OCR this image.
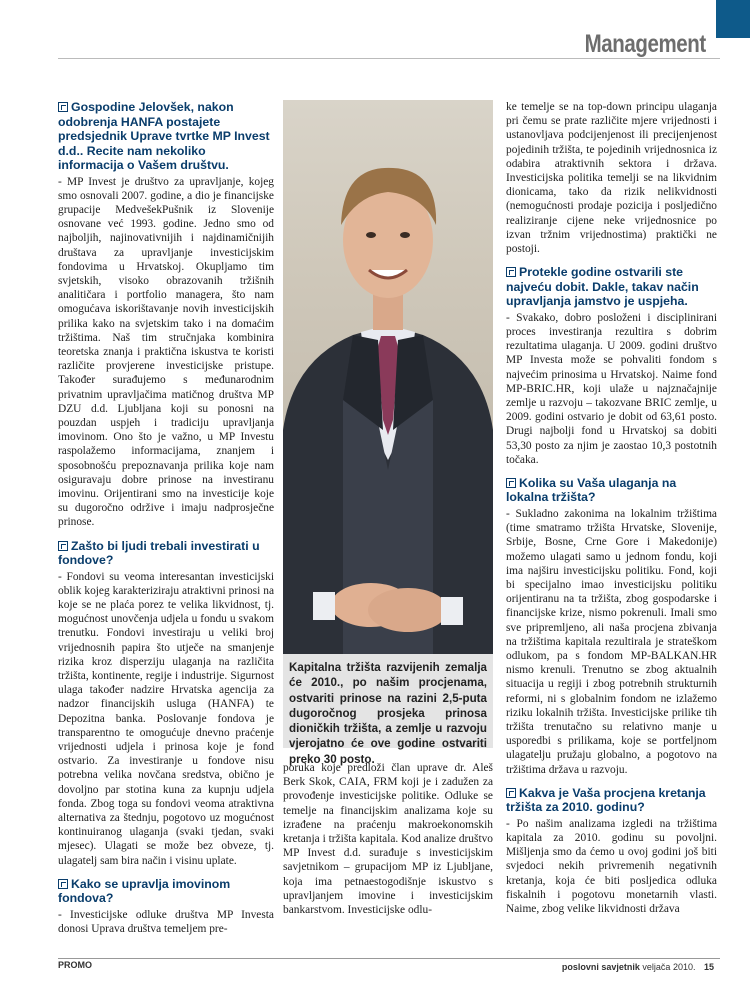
Management
Gospodine Jelovšek, nakon odobrenja HANFA postajete predsjednik Uprave tvrtke MP Invest d.d.. Recite nam nekoliko informacija o Vašem društvu.
- MP Invest je društvo za upravljanje, kojeg smo osnovali 2007. godine, a dio je financijske grupacije MedvešekPušnik iz Slovenije osnovane već 1993. godine. Jedno smo od najboljih, najinovativnijih i najdinamičnijih društava za upravljanje investicijskim fondovima u Hrvatskoj. Okupljamo tim svjetskih, visoko obrazovanih tržišnih analitičara i portfolio managera, što nam omogućava iskorištavanje novih investicijskih prilika kako na svjetskim tako i na domaćim tržištima. Naš tim stručnjaka kombinira teoretska znanja i praktična iskustva te koristi različite provjerene investicijske pristupe. Također surađujemo s međunarodnim privatnim upravljačima matičnog društva MP DZU d.d. Ljubljana koji su ponosni na pouzdan uspjeh i tradiciju upravljanja imovinom. Ono što je važno, u MP Investu raspolažemo informacijama, znanjem i sposobnošću prepoznavanja prilika koje nam osiguravaju dobre prinose na investiranu imovinu. Orijentirani smo na investicije koje su dugoročno održive i imaju nadprosječne prinose.
Zašto bi ljudi trebali investirati u fondove?
- Fondovi su veoma interesantan investicijski oblik kojeg karakteriziraju atraktivni prinosi na koje se ne plaća porez te velika likvidnost, tj. mogućnost unovčenja udjela u fondu u svakom trenutku. Fondovi investiraju u veliki broj vrijednosnih papira što utječe na smanjenje rizika kroz disperziju ulaganja na različita tržišta, kontinente, regije i industrije. Sigurnost ulaga također nadzire Hrvatska agencija za nadzor financijskih usluga (HANFA) te Depozitna banka. Poslovanje fondova je transparentno te omogućuje dnevno praćenje vrijednosti udjela i prinosa koje je fond ostvario. Za investiranje u fondove nisu potrebna velika novčana sredstva, obično je dovoljno par stotina kuna za kupnju udjela fonda. Zbog toga su fondovi veoma atraktivna alternativa za štednju, pogotovo uz mogućnost kontinuiranog ulaganja (svaki tjedan, svaki mjesec). Ulagati se može bez obveze, tj. ulagatelj sam bira način i visinu uplate.
Kako se upravlja imovinom fondova?
- Investicijske odluke društva MP Investa donosi Uprava društva temeljem pre-
Kapitalna tržišta razvijenih zemalja će 2010., po našim procjenama, ostvariti prinose na razini 2,5-puta dugoročnog prosjeka prinosa dioničkih tržišta, a zemlje u razvoju vjerojatno će ove godine ostvariti preko 30 posto.
poruka koje predloži član uprave dr. Aleš Berk Skok, CAIA, FRM koji je i zadužen za provođenje investicijske politike. Odluke se temelje na financijskim analizama koje su izrađene na praćenju makroekonomskih kretanja i tržišta kapitala. Kod analize društvo MP Invest d.d. surađuje s investicijskim savjetnikom – grupacijom MP iz Ljubljane, koja ima petnaestogodišnje iskustvo s upravljanjem imovine i investicijskim bankarstvom. Investicijske odlu-
ke temelje se na top-down principu ulaganja pri čemu se prate različite mjere vrijednosti i ustanovljava podcijenjenost ili precijenjenost pojedinih tržišta, te pojedinih vrijednosnica iz odabira atraktivnih sektora i država. Investicijska politika temelji se na likvidnim dionicama, tako da rizik nelikvidnosti (nemogućnosti prodaje pozicija i posljedično realiziranje cijene neke vrijednosnice po izvan tržnim vrijednostima) praktički ne postoji.
Protekle godine ostvarili ste najveću dobit. Dakle, takav način upravljanja jamstvo je uspjeha.
- Svakako, dobro posloženi i disciplinirani proces investiranja rezultira s dobrim rezultatima ulaganja. U 2009. godini društvo MP Investa može se pohvaliti fondom s najvećim prinosima u Hrvatskoj. Naime fond MP-BRIC.HR, koji ulaže u najznačajnije zemlje u razvoju – takozvane BRIC zemlje, u 2009. godini ostvario je dobit od 63,61 posto. Drugi najbolji fond u Hrvatskoj sa dobiti 53,30 posto za njim je zaostao 10,3 postotnih točaka.
Kolika su Vaša ulaganja na lokalna tržišta?
- Sukladno zakonima na lokalnim tržištima (time smatramo tržišta Hrvatske, Slovenije, Srbije, Bosne, Crne Gore i Makedonije) možemo ulagati samo u jednom fondu, koji ima najširu investicijsku politiku. Fond, koji bi specijalno imao investicijsku politiku orijentiranu na ta tržišta, zbog gospodarske i financijske krize, nismo pokrenuli. Imali smo sve pripremljeno, ali naša procjena zbivanja na tržištima kapitala rezultirala je strateškom odlukom, pa s fondom MP-BALKAN.HR nismo krenuli. Trenutno se zbog aktualnih situacija u regiji i zbog potrebnih strukturnih reformi, ni s globalnim fondom ne izlažemo riziku lokalnih tržišta. Investicijske prilike tih tržišta trenutačno su relativno manje u usporedbi s prilikama, koje se portfeljnom ulagatelju pružaju globalno, a pogotovo na tržištima država u razvoju.
Kakva je Vaša procjena kretanja tržišta za 2010. godinu?
- Po našim analizama izgledi na tržištima kapitala za 2010. godinu su povoljni. Mišljenja smo da ćemo u ovoj godini još biti svjedoci nekih privremenih negativnih kretanja, koja će biti posljedica odluka fiskalnih i pogotovu monetarnih vlasti. Naime, zbog velike likvidnosti država
PROMO	poslovni savjetnik veljača 2010. 15
